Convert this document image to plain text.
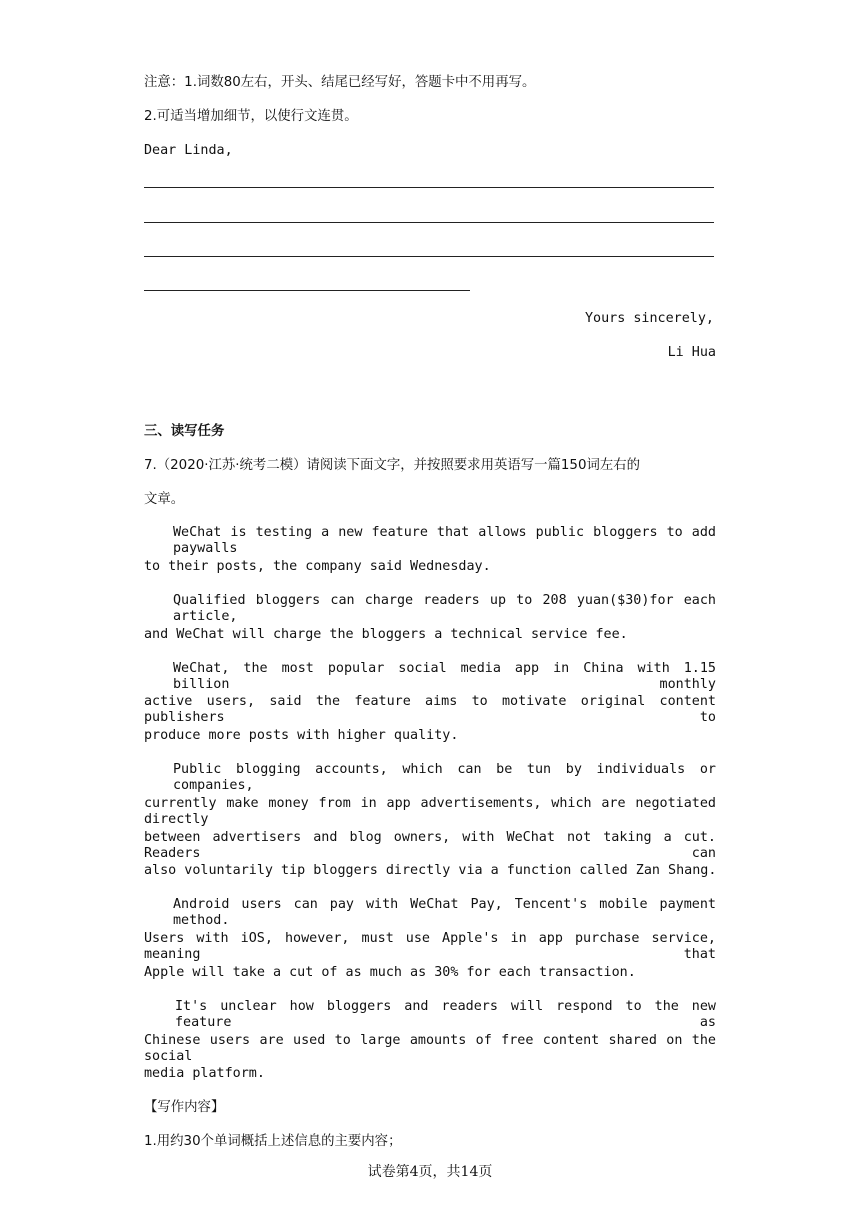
注意：1.词数80左右，开头、结尾已经写好，答题卡中不用再写。
2.可适当增加细节，以使行文连贯。
Dear Linda,
Yours sincerely,
Li Hua
三、读写任务
7.（2020·江苏·统考二模）请阅读下面文字，并按照要求用英语写一篇150词左右的
文章。
WeChat is testing a new feature that allows public bloggers to add paywalls
to their posts, the company said Wednesday.
Qualified bloggers can charge readers up to 208 yuan($30)for each article,
and WeChat will charge the bloggers a technical service fee.
WeChat, the most popular social media app in China with 1.15 billion monthly
active users, said the feature aims to motivate original content publishers to
produce more posts with higher quality.
Public blogging accounts, which can be tun by individuals or companies,
currently make money from in app advertisements, which are negotiated directly
between advertisers and blog owners, with WeChat not taking a cut. Readers can
also voluntarily tip bloggers directly via a function called Zan Shang.
Android users can pay with WeChat Pay, Tencent's mobile payment method.
Users with iOS, however, must use Apple's in app purchase service, meaning that
Apple will take a cut of as much as 30% for each transaction.
It's unclear how bloggers and readers will respond to the new feature as
Chinese users are used to large amounts of free content shared on the social
media platform.
【写作内容】
1.用约30个单词概括上述信息的主要内容；
试卷第4页，共14页
